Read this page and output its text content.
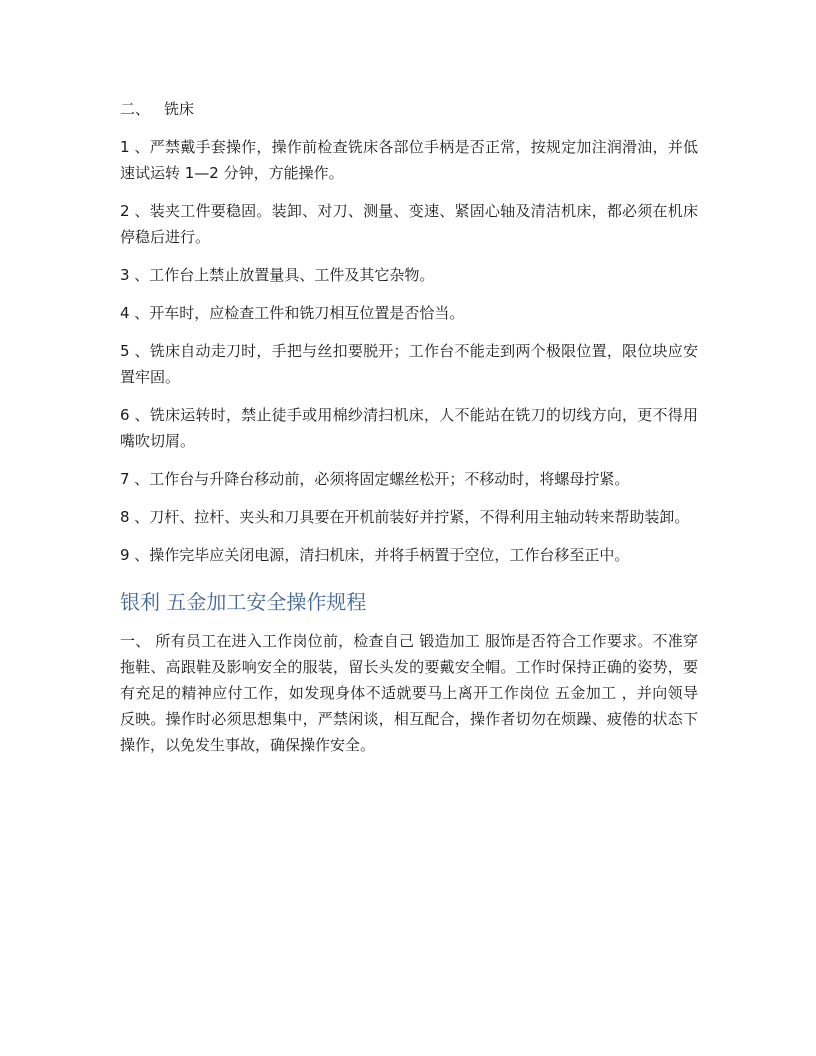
二、 铣床

1 、严禁戴手套操作，操作前检查铣床各部位手柄是否正常，按规定加注润滑油，并低速试运转 1—2 分钟，方能操作。

2 、装夹工件要稳固。装卸、对刀、测量、变速、紧固心轴及清洁机床，都必须在机床停稳后进行。

3 、工作台上禁止放置量具、工件及其它杂物。

4 、开车时，应检查工件和铣刀相互位置是否恰当。

5 、铣床自动走刀时，手把与丝扣要脱开；工作台不能走到两个极限位置，限位块应安置牢固。

6 、铣床运转时，禁止徒手或用棉纱清扫机床，人不能站在铣刀的切线方向，更不得用嘴吹切屑。

7 、工作台与升降台移动前，必须将固定螺丝松开；不移动时，将螺母拧紧。

8 、刀杆、拉杆、夹头和刀具要在开机前装好并拧紧，不得利用主轴动转来帮助装卸。

9 、操作完毕应关闭电源，清扫机床，并将手柄置于空位，工作台移至正中。

银利 五金加工安全操作规程

一、 所有员工在进入工作岗位前，检查自己 锻造加工 服饰是否符合工作要求。不准穿拖鞋、高跟鞋及影响安全的服装，留长头发的要戴安全帽。工作时保持正确的姿势，要有充足的精神应付工作，如发现身体不适就要马上离开工作岗位 五金加工 ，并向领导反映。操作时必须思想集中，严禁闲谈，相互配合，操作者切勿在烦躁、疲倦的状态下操作，以免发生事故，确保操作安全。
